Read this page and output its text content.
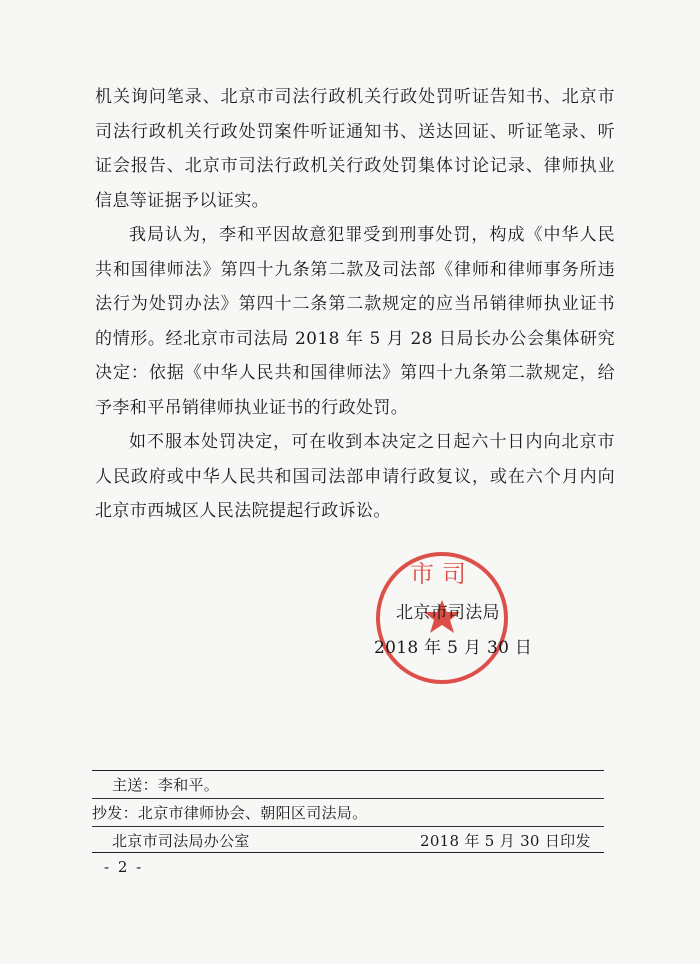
机关询问笔录、北京市司法行政机关行政处罚听证告知书、北京市司法行政机关行政处罚案件听证通知书、送达回证、听证笔录、听证会报告、北京市司法行政机关行政处罚集体讨论记录、律师执业信息等证据予以证实。

我局认为，李和平因故意犯罪受到刑事处罚，构成《中华人民共和国律师法》第四十九条第二款及司法部《律师和律师事务所违法行为处罚办法》第四十二条第二款规定的应当吊销律师执业证书的情形。经北京市司法局 2018 年 5 月 28 日局长办公会集体研究决定：依据《中华人民共和国律师法》第四十九条第二款规定，给予李和平吊销律师执业证书的行政处罚。

如不服本处罚决定，可在收到本决定之日起六十日内向北京市人民政府或中华人民共和国司法部申请行政复议，或在六个月内向北京市西城区人民法院提起行政诉讼。

市司
北京市司法局
2018 年 5 月 30 日
主送：李和平。
抄发：北京市律师协会、朝阳区司法局。
北京市司法局办公室	2018 年 5 月 30 日印发
- 2 -
